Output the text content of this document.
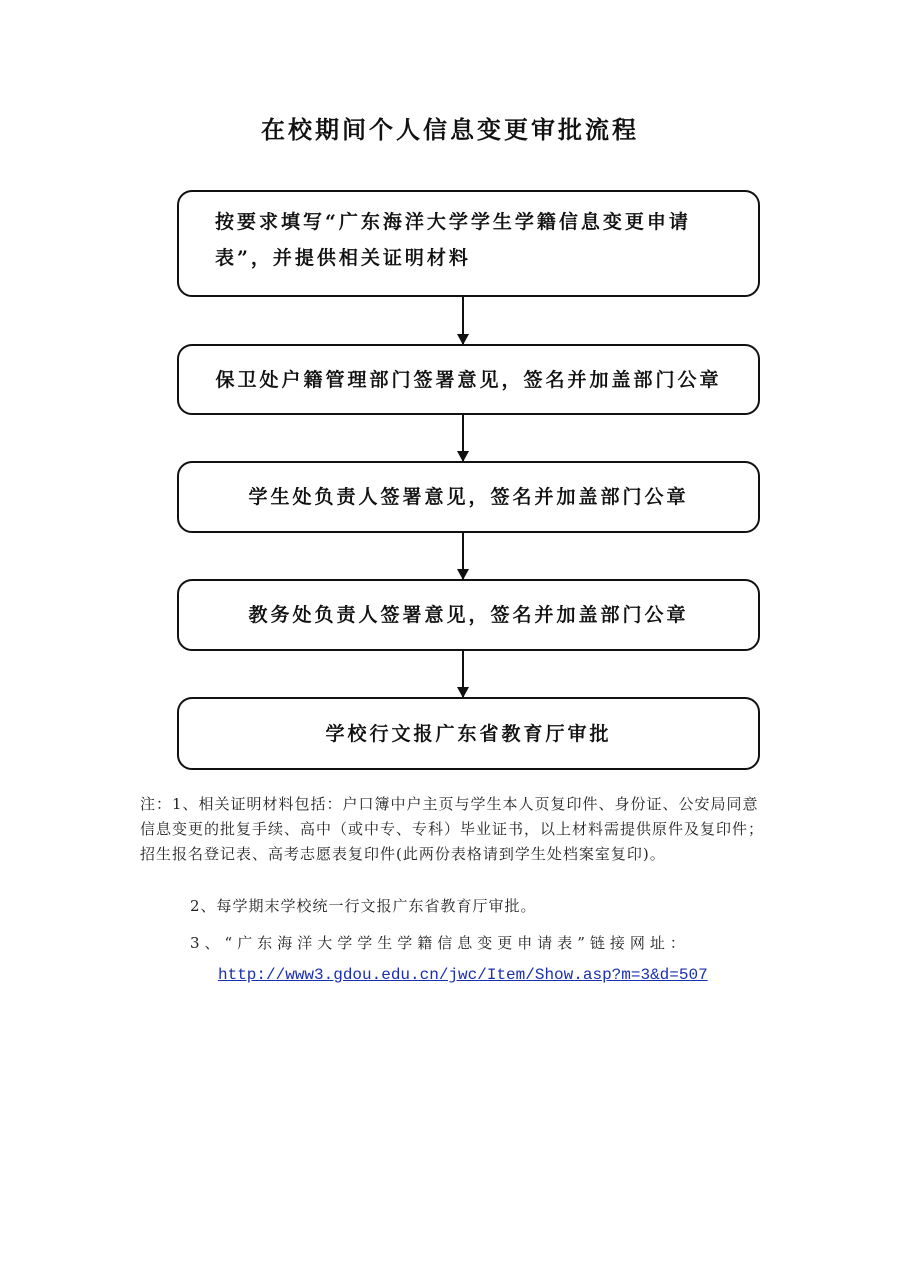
在校期间个人信息变更审批流程
按要求填写“广东海洋大学学生学籍信息变更申请表”，并提供相关证明材料
保卫处户籍管理部门签署意见，签名并加盖部门公章
学生处负责人签署意见，签名并加盖部门公章
教务处负责人签署意见，签名并加盖部门公章
学校行文报广东省教育厅审批
注：1、相关证明材料包括：户口簿中户主页与学生本人页复印件、身份证、公安局同意信息变更的批复手续、高中（或中专、专科）毕业证书，以上材料需提供原件及复印件；招生报名登记表、高考志愿表复印件(此两份表格请到学生处档案室复印)。
2、每学期末学校统一行文报广东省教育厅审批。
3、“广东海洋大学学生学籍信息变更申请表”链接网址：
http://www3.gdou.edu.cn/jwc/Item/Show.asp?m=3&d=507
